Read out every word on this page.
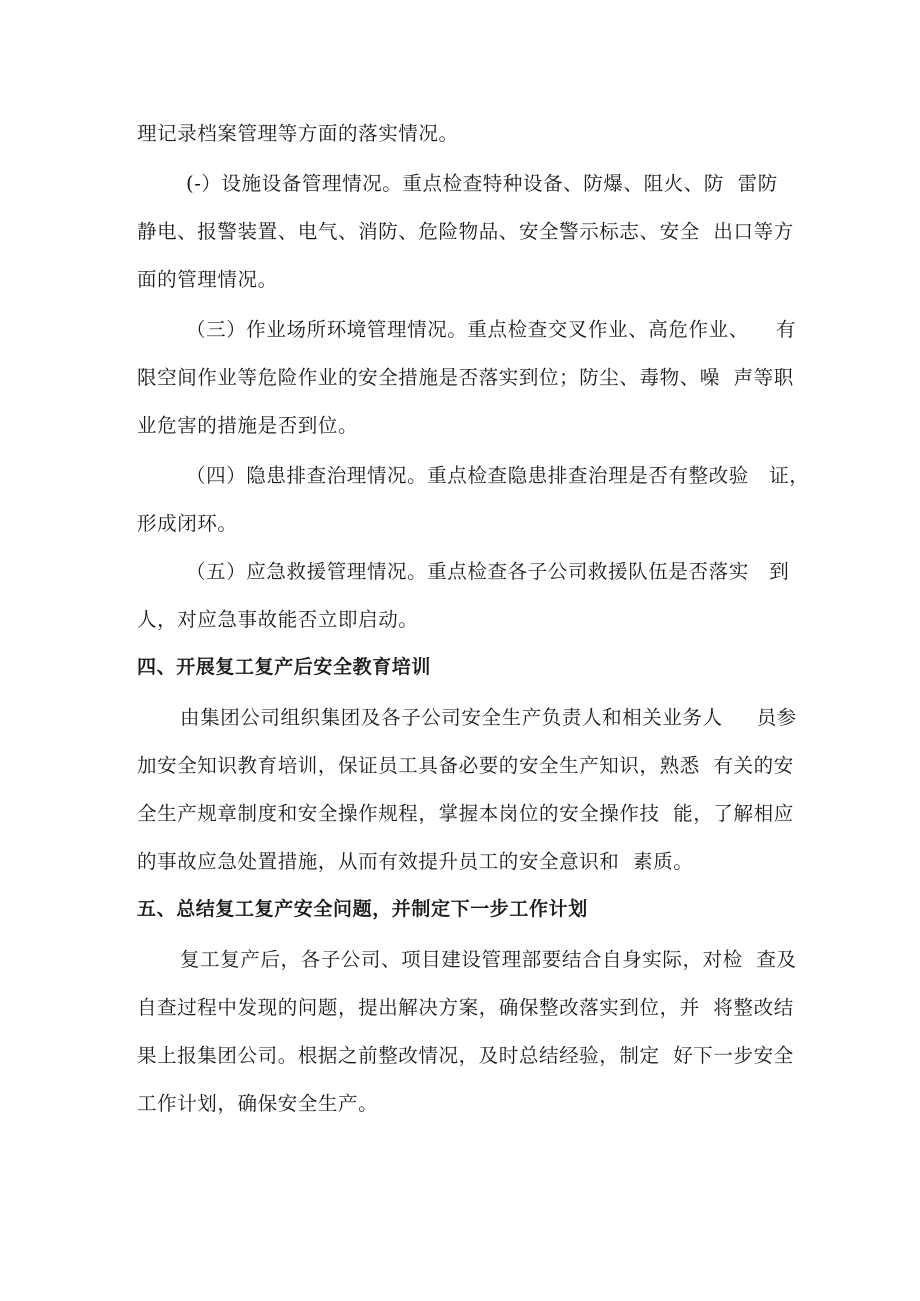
理记录档案管理等方面的落实情况。
(-）设施设备管理情况。重点检查特种设备、防爆、阻火、防  雷防
静电、报警装置、电气、消防、危险物品、安全警示标志、安全  出口等方
面的管理情况。
（三）作业场所环境管理情况。重点检查交叉作业、高危作业、    有
限空间作业等危险作业的安全措施是否落实到位；防尘、毒物、噪  声等职
业危害的措施是否到位。
（四）隐患排查治理情况。重点检查隐患排查治理是否有整改验   证，
形成闭环。
（五）应急救援管理情况。重点检查各子公司救援队伍是否落实   到
人，对应急事故能否立即启动。
四、开展复工复产后安全教育培训
由集团公司组织集团及各子公司安全生产负责人和相关业务人     员参
加安全知识教育培训，保证员工具备必要的安全生产知识，熟悉  有关的安
全生产规章制度和安全操作规程，掌握本岗位的安全操作技  能，了解相应
的事故应急处置措施，从而有效提升员工的安全意识和  素质。
五、总结复工复产安全问题，并制定下一步工作计划
复工复产后，各子公司、项目建设管理部要结合自身实际，对检  查及
自查过程中发现的问题，提出解决方案，确保整改落实到位，并  将整改结
果上报集团公司。根据之前整改情况，及时总结经验，制定  好下一步安全
工作计划，确保安全生产。
